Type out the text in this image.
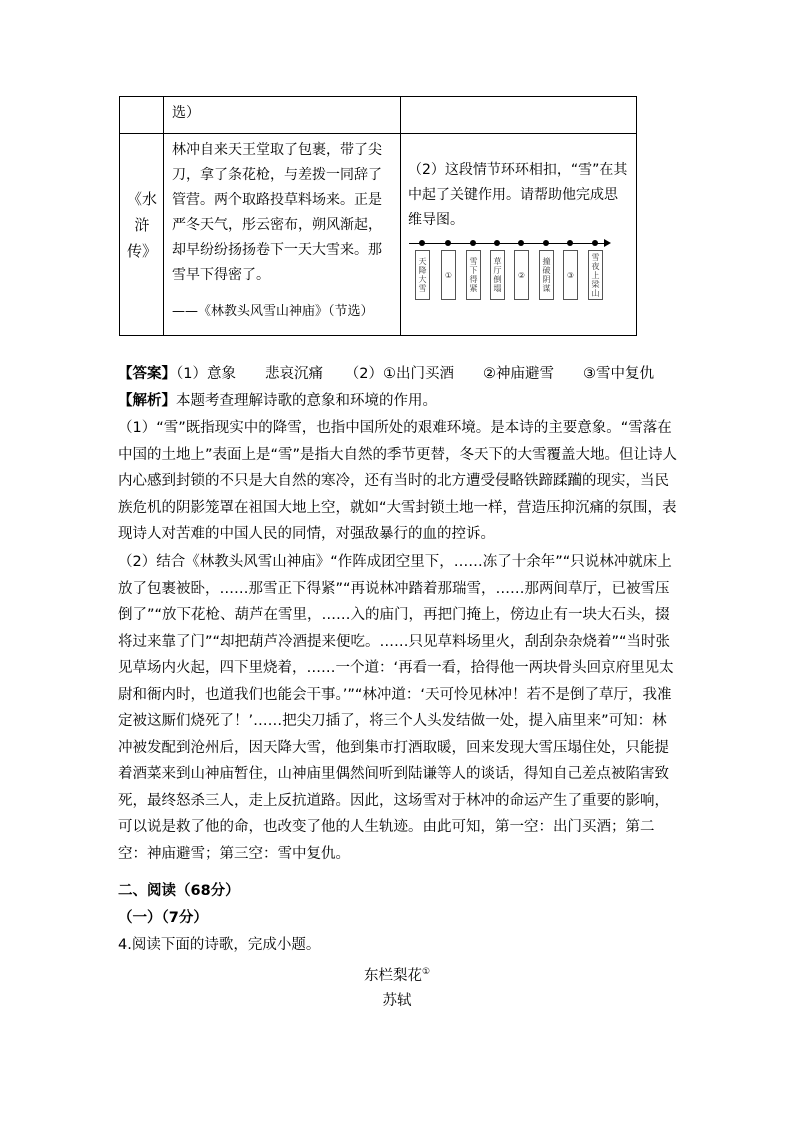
选）
《水浒传》
林冲自来天王堂取了包裹，带了尖刀，拿了条花枪，与差拨一同辞了管营。两个取路投草料场来。正是严冬天气，彤云密布，朔风渐起，却早纷纷扬扬卷下一天大雪来。那雪早下得密了。
——《林教头风雪山神庙》（节选）
（2）这段情节环环相扣，“雪”在其中起了关键作用。请帮助他完成思维导图。
天降大雪
①
雪下得紧
草厅倒塌
②
撞破阴谋
③
雪夜上梁山
【答案】（1）意象　　悲哀沉痛　　（2）①出门买酒　　②神庙避雪　　③雪中复仇
【解析】本题考查理解诗歌的意象和环境的作用。
（1）“雪”既指现实中的降雪，也指中国所处的艰难环境。是本诗的主要意象。“雪落在中国的土地上”表面上是“雪”是指大自然的季节更替，冬天下的大雪覆盖大地。但让诗人内心感到封锁的不只是大自然的寒冷，还有当时的北方遭受侵略铁蹄蹂躏的现实，当民族危机的阴影笼罩在祖国大地上空，就如“大雪封锁土地一样，营造压抑沉痛的氛围，表现诗人对苦难的中国人民的同情，对强敌暴行的血的控诉。
（2）结合《林教头风雪山神庙》“作阵成团空里下，……冻了十余年”“只说林冲就床上放了包裹被卧，……那雪正下得紧”“再说林冲踏着那瑞雪，……那两间草厅，已被雪压倒了”“放下花枪、葫芦在雪里，……入的庙门，再把门掩上，傍边止有一块大石头，掇将过来靠了门”“却把葫芦冷酒提来便吃。……只见草料场里火，刮刮杂杂烧着”“当时张见草场内火起，四下里烧着，……一个道：‘再看一看，拾得他一两块骨头回京府里见太尉和衙内时，也道我们也能会干事。’”“林冲道：‘天可怜见林冲！若不是倒了草厅，我准定被这厮们烧死了！’……把尖刀插了，将三个人头发结做一处，提入庙里来”可知：林冲被发配到沧州后，因天降大雪，他到集市打酒取暖，回来发现大雪压塌住处，只能提着酒菜来到山神庙暂住，山神庙里偶然间听到陆谦等人的谈话，得知自己差点被陷害致死，最终怒杀三人，走上反抗道路。因此，这场雪对于林冲的命运产生了重要的影响，可以说是救了他的命，也改变了他的人生轨迹。由此可知，第一空：出门买酒；第二空：神庙避雪；第三空：雪中复仇。
二、阅读（68分）
（一）（7分）
4.阅读下面的诗歌，完成小题。
东栏梨花①
苏轼
